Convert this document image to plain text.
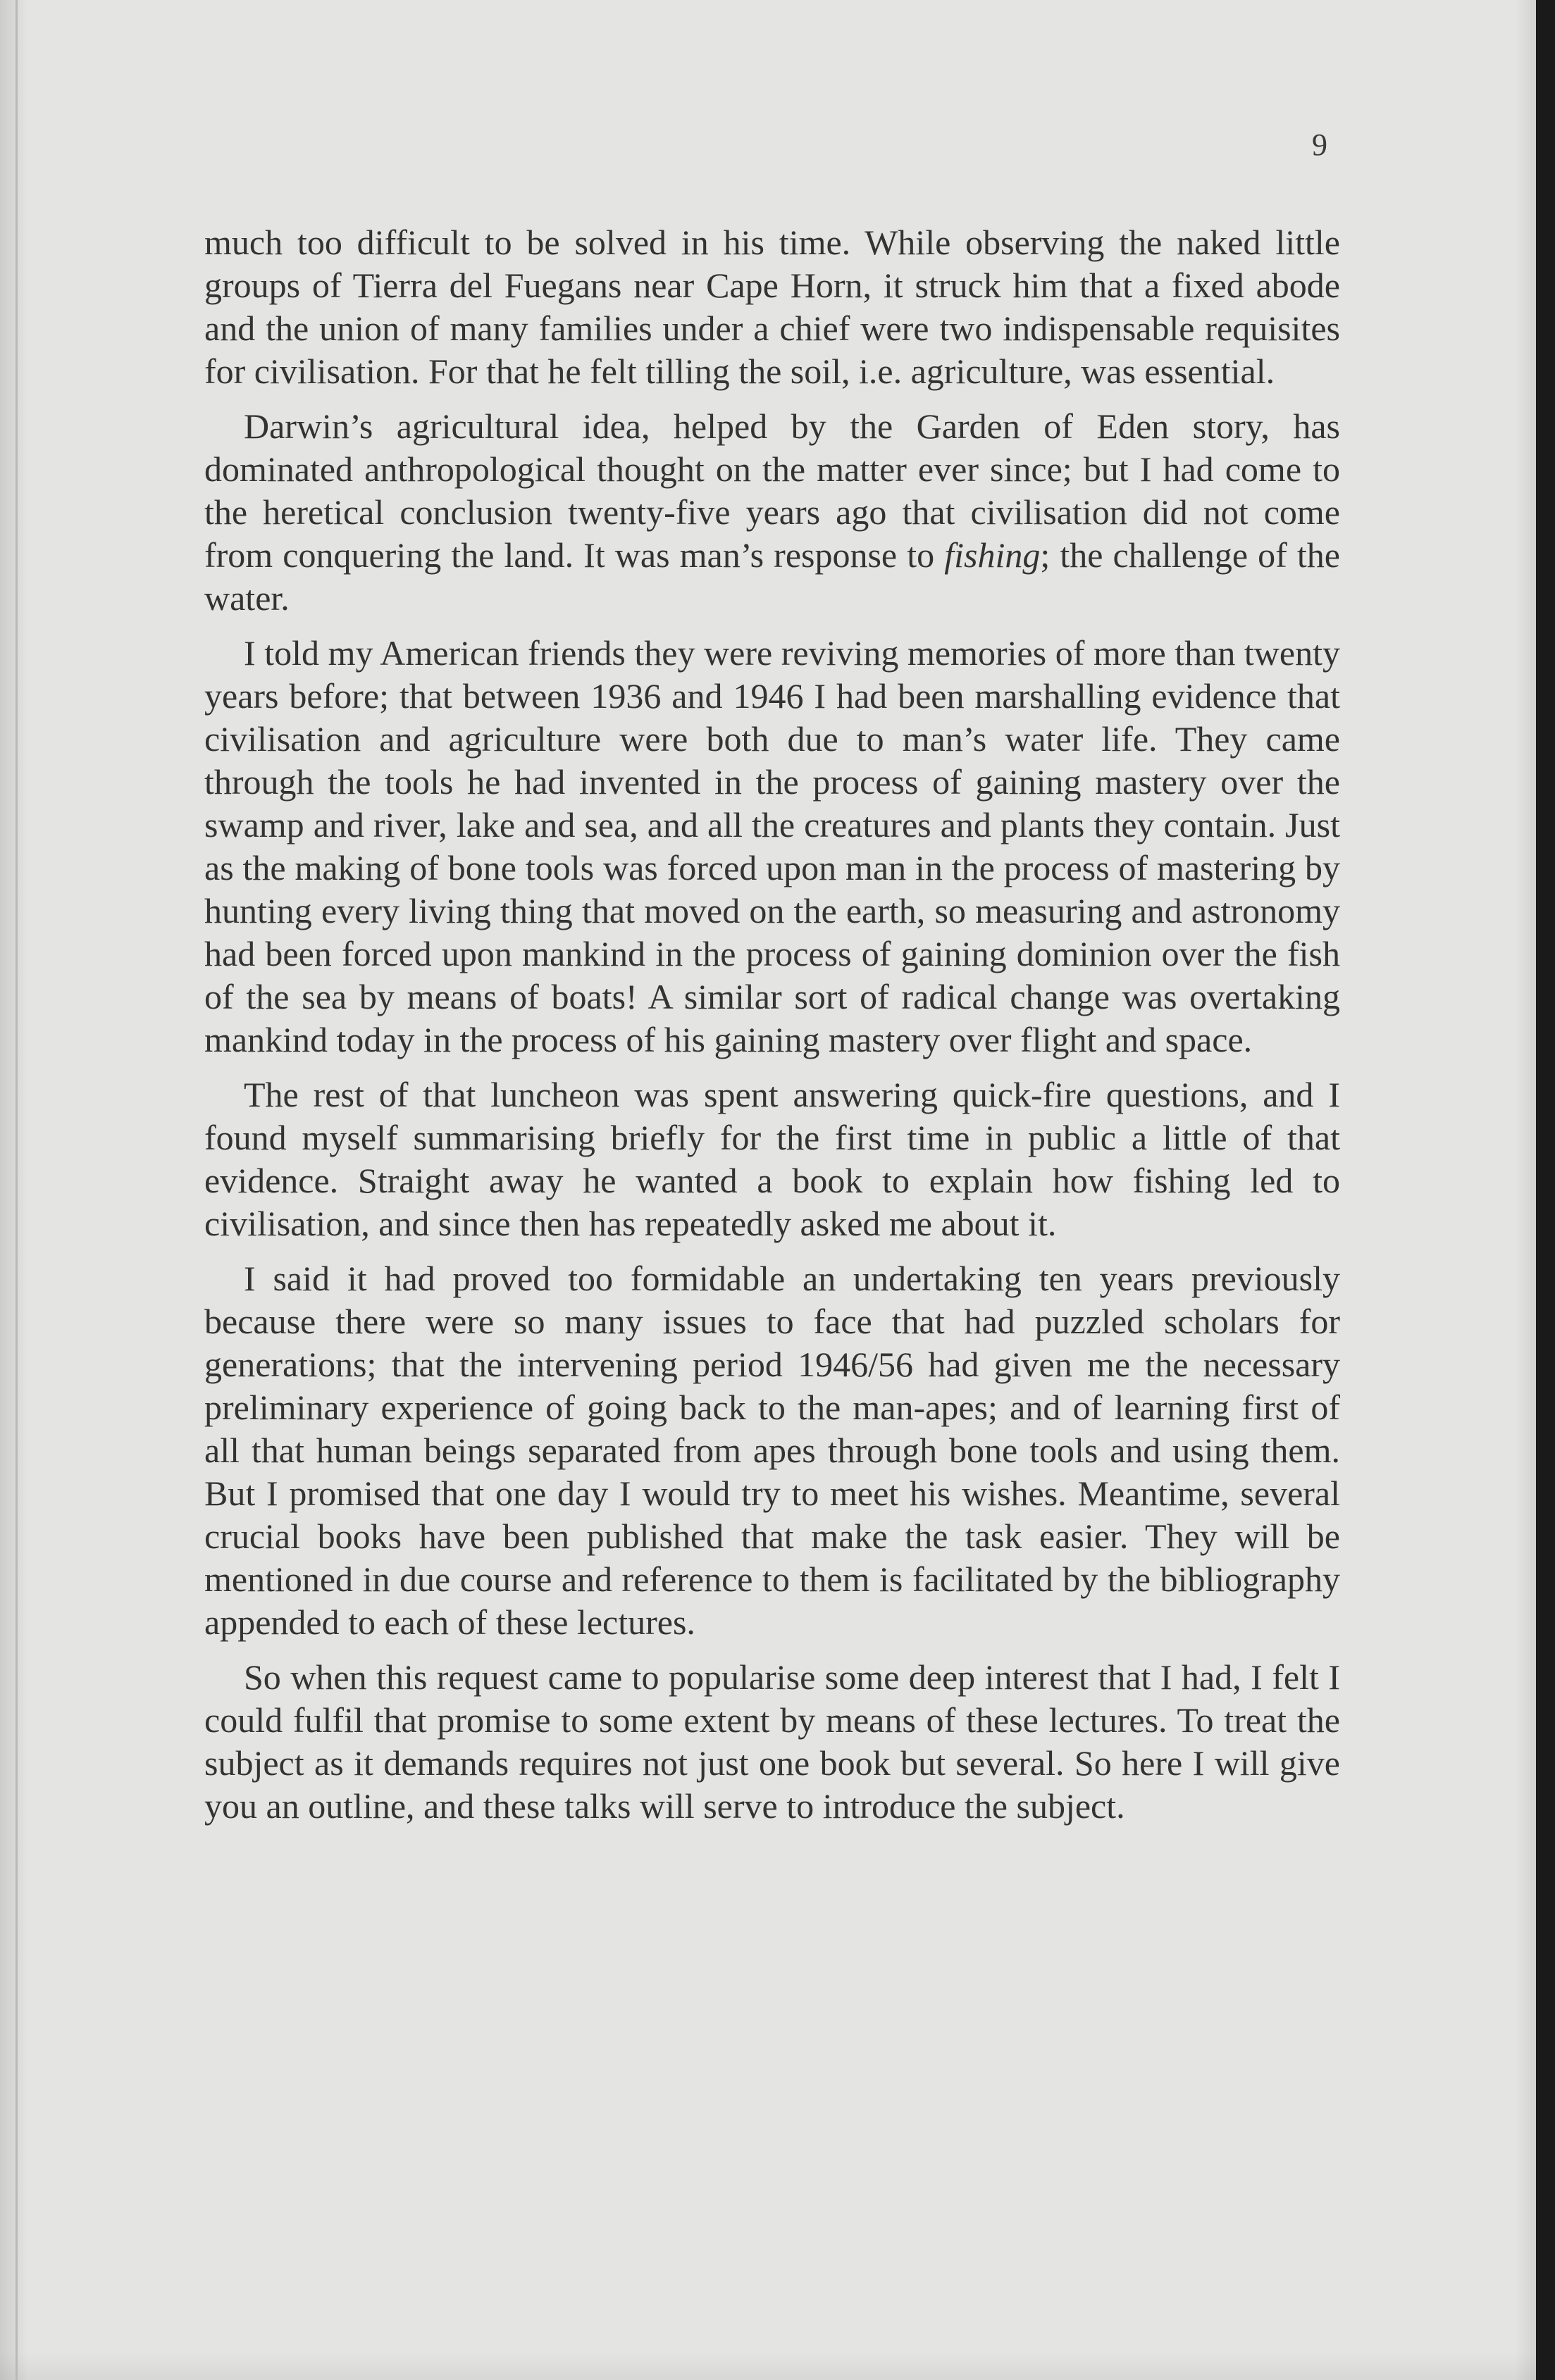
9

much too difficult to be solved in his time. While observing the naked little groups of Tierra del Fuegans near Cape Horn, it struck him that a fixed abode and the union of many families under a chief were two indispensable requisites for civilisation. For that he felt tilling the soil, i.e. agriculture, was essential.

Darwin’s agricultural idea, helped by the Garden of Eden story, has dominated anthropological thought on the matter ever since; but I had come to the heretical conclusion twenty-five years ago that civilisation did not come from conquering the land. It was man’s response to fishing; the challenge of the water.

I told my American friends they were reviving memories of more than twenty years before; that between 1936 and 1946 I had been marshalling evidence that civilisation and agriculture were both due to man’s water life. They came through the tools he had invented in the process of gaining mastery over the swamp and river, lake and sea, and all the creatures and plants they contain. Just as the making of bone tools was forced upon man in the process of mastering by hunting every living thing that moved on the earth, so measuring and astronomy had been forced upon mankind in the process of gaining dominion over the fish of the sea by means of boats! A similar sort of radical change was overtaking mankind today in the process of his gaining mastery over flight and space.

The rest of that luncheon was spent answering quick-fire questions, and I found myself summarising briefly for the first time in public a little of that evidence. Straight away he wanted a book to explain how fishing led to civilisation, and since then has repeatedly asked me about it.

I said it had proved too formidable an undertaking ten years previously because there were so many issues to face that had puzzled scholars for generations; that the intervening period 1946/56 had given me the necessary preliminary experience of going back to the man-apes; and of learning first of all that human beings separated from apes through bone tools and using them. But I promised that one day I would try to meet his wishes. Meantime, several crucial books have been published that make the task easier. They will be mentioned in due course and reference to them is facilitated by the bibliography appended to each of these lectures.

So when this request came to popularise some deep interest that I had, I felt I could fulfil that promise to some extent by means of these lectures. To treat the subject as it demands requires not just one book but several. So here I will give you an outline, and these talks will serve to introduce the subject.
